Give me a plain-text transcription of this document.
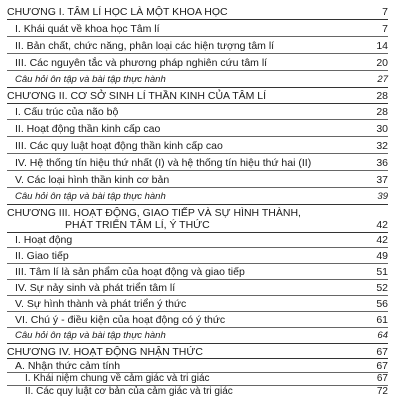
CHƯƠNG I. TÂM LÍ HỌC LÀ MỘT KHOA HỌC	7
I. Khái quát về khoa học Tâm lí	7
II. Bản chất, chức năng, phân loại các hiện tượng tâm lí	14
III. Các nguyên tắc và phương pháp nghiên cứu tâm lí	20
Câu hỏi ôn tập và bài tập thực hành	27
CHƯƠNG II. CƠ SỞ SINH LÍ THẦN KINH CỦA TÂM LÍ	28
I. Cấu trúc của não bộ	28
II. Hoạt động thần kinh cấp cao	30
III. Các quy luật hoạt động thần kinh cấp cao	32
IV. Hệ thống tín hiệu thứ nhất (I) và hệ thống tín hiệu thứ hai (II)	36
V. Các loại hình thần kinh cơ bản	37
Câu hỏi ôn tập và bài tập thực hành	39
CHƯƠNG III. HOẠT ĐỘNG, GIAO TIẾP VÀ SỰ HÌNH THÀNH,
PHÁT TRIỂN TÂM LÍ, Ý THỨC	42
I. Hoạt động	42
II. Giao tiếp	49
III. Tâm lí là sản phẩm của hoạt động và giao tiếp	51
IV. Sự nảy sinh và phát triển tâm lí	52
V. Sự hình thành và phát triển ý thức	56
VI. Chú ý - điều kiện của hoạt động có ý thức	61
Câu hỏi ôn tập và bài tập thực hành	64
CHƯƠNG IV. HOẠT ĐỘNG NHẬN THỨC	67
A. Nhận thức cảm tính	67
I. Khái niệm chung về cảm giác và tri giác	67
II. Các quy luật cơ bản của cảm giác và tri giác	72
